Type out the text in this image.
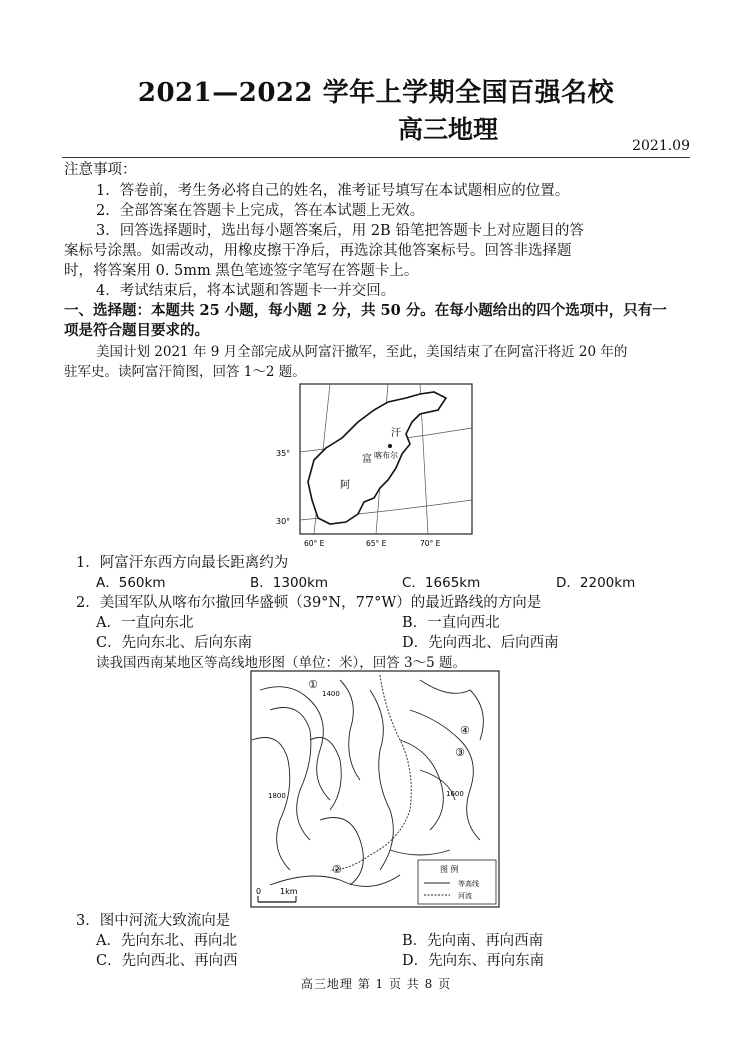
2021—2022 学年上学期全国百强名校
高三地理
2021.09
注意事项：
1．答卷前，考生务必将自己的姓名，准考证号填写在本试题相应的位置。
2．全部答案在答题卡上完成，答在本试题上无效。
3．回答选择题时，选出每小题答案后，用 2B 铅笔把答题卡上对应题目的答
案标号涂黑。如需改动，用橡皮擦干净后，再选涂其他答案标号。回答非选择题
时，将答案用 0. 5mm 黑色笔迹签字笔写在答题卡上。
4．考试结束后，将本试题和答题卡一并交回。
一、选择题：本题共 25 小题，每小题 2 分，共 50 分。在每小题给出的四个选项中，只有一
项是符合题目要求的。
美国计划 2021 年 9 月全部完成从阿富汗撤军，至此，美国结束了在阿富汗将近 20 年的
驻军史。读阿富汗简图，回答 1～2 题。
汗
富
阿
喀布尔
35°
30°
60° E	65° E	70° E
1．阿富汗东西方向最长距离约为
A．560km	B．1300km	C．1665km	D．2200km
2．美国军队从喀布尔撤回华盛顿（39°N，77°W）的最近路线的方向是
A．一直向东北	B．一直向西北
C．先向东北、后向东南	D．先向西北、后向西南
读我国西南某地区等高线地形图（单位：米），回答 3～5 题。
①
②
③
④
1400
1800	1600
图 例
等高线
河流
0 1km
3．图中河流大致流向是
A．先向东北、再向北	B．先向南、再向西南
C．先向西北、再向西	D．先向东、再向东南
高三地理 第 1 页 共 8 页
